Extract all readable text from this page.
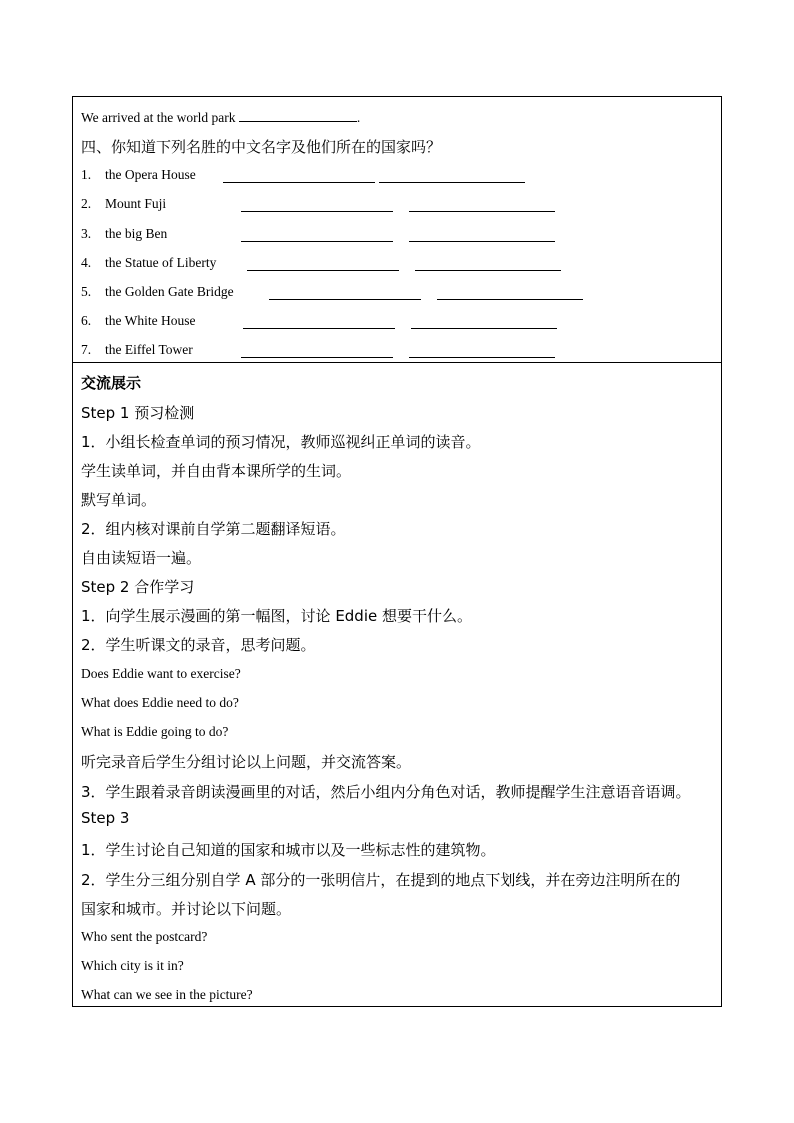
We arrived at the world park	.
四、你知道下列名胜的中文名字及他们所在的国家吗？
1. the Opera House
2. Mount Fuji
3. the big Ben
4. the Statue of Liberty
5. the Golden Gate Bridge
6. the White House
7. the Eiffel Tower
交流展示
Step 1 预习检测
1．小组长检查单词的预习情况，教师巡视纠正单词的读音。
学生读单词，并自由背本课所学的生词。
默写单词。
2．组内核对课前自学第二题翻译短语。
自由读短语一遍。
Step 2 合作学习
1．向学生展示漫画的第一幅图，讨论 Eddie 想要干什么。
2．学生听课文的录音，思考问题。
Does Eddie want to exercise?
What does Eddie need to do?
What is Eddie going to do?
听完录音后学生分组讨论以上问题，并交流答案。
3．学生跟着录音朗读漫画里的对话，然后小组内分角色对话，教师提醒学生注意语音语调。
Step 3
1．学生讨论自己知道的国家和城市以及一些标志性的建筑物。
2．学生分三组分别自学 A 部分的一张明信片，在提到的地点下划线，并在旁边注明所在的
国家和城市。并讨论以下问题。
Who sent the postcard?
Which city is it in?
What can we see in the picture?
